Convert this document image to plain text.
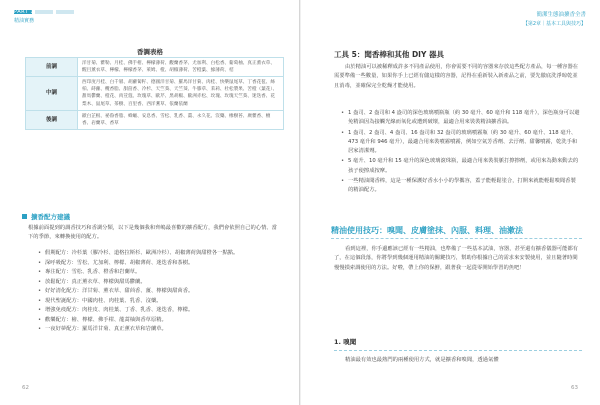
PART 1
精油實務
香調表格
前調	洋甘菊、藿勒、月桂、佛手柑、檸檬薄荷、觀蘭香茅、尤加利、白松香、葡萄柚、真正薰衣草、醒目薰衣草、檸檬、檸檬香茅、萊姆、橙、胡椒薄荷、苦橙葉、綠薄荷、桔
中調	西印度月桂、白千層、胡蘿蔔籽、德國洋甘菊、羅馬洋甘菊、肉桂、快樂鼠尾草、丁香花苞、絲柏、蒔蘿、欖香脂、甜茴香、冷杉、天竺葵、天竺葵、牛膝草、茉莉、杜松漿果、苦橙（葉花）、甜馬鬱蘭、橙花、肉荳蔻、玫瑰草、歐芹、黑胡椒、歐洲赤松、玫瑰、玫瑰天竺葵、迷迭香、花梨木、鼠尾草、茶樹、百里香、西洋蓍草、依蘭依蘭
後調	歐白芷根、祕魯香脂、蜂蠟、安息香、雪松、乳香、薑、永久花、沒藥、橡樹苔、廣藿香、檀香、岩蘭草、香草
擴香配方建議

根據前面提到的調香技巧和香調分類，以下是幾個我和齊嶋最喜歡的擴香配方，我們會依照自己的心情、當下的季節，來轉換使用的配方。

• 假期配方：冷杉葉（膠冷杉、道格拉斯杉、歐洲冷杉）、胡椒薄荷與甜橙各一點點。
• 深呼吸配方：雪松、尤加利、檸檬、胡椒薄荷、迷迭香和茶樹。
• 專注配方：雪松、乳香、橙香和岩蘭草。
• 放鬆配方：真正薰衣草、檸檬與甜馬鬱蘭。
• 好好清化配方：洋甘菊、薰衣草、甜茴香、薑、檸檬與甜茴香。
• 現代聖誕配方：中國肉桂、肉桂葉、乳香、沒藥。
• 增強免疫配方：肉桂皮、肉桂葉、丁香、乳香、迷迭香，檸檬。
• 歡樂配方：檜、檸檬、佛手柑、龍蒿柚與香草原精。
• 一夜好夢配方：羅馬洋甘菊、真正薰衣草和岩蘭草。
62
簡潔生態油擴香全書
【第2章｜基本工具與技巧】
工具 5：聞香棒和其他 DIY 器具

由於精油可以被稀釋成許多不同產品使用，你會需要不同的容器來存放這些配方產品，每一種容器在需要準備一些數量，如果你手上已經有儲這樣的容器，記得在重新裝入新產品之前，要先徹底洗淨晾乾並且消毒，並確保完全乾燥才能使用。

• 1 盎司、2 盎司和 4 盎司的深色玻璃噴瓶瓶（約 30 毫升、60 毫升和 118 毫升），深色瓶身可以避免精油因為接觸光線而氧化或遭到破壞，最適合用來裝裝精油擴香油。
• 1 盎司、2 盎司、4 盎司、16 盎司和 32 盎司的玻璃噴霧瓶（約 30 毫升、60 毫升、118 毫升、473 毫升和 946 毫升），最適合用來裝噴霧噴霧，例如空氣芳香劑、去汙劑、甜馨噴霧，乾洗手和居家清潔劑。
• 5 毫升、10 毫升和 15 毫升的深色玻璃滾珠瓶，最適合用來裝裝脈打擦擦劑，或用來為動來動去的孩子使擦成按摩。
• 一些精油聞香棒，這是一種保護好香水小小的學攜容，蓋子能輕鬆塗合，打開來就能輕鬆嗅聞香製的精油配方。
精油使用技巧：嗅聞、皮膚塗抹、內服、料理、油漱法

看到這裡，你手邊應該已經有一些精油，也準備了一些基本試油，容器，甚至還有擴香儀器可能都有了，在這個段落，你將學到幾個運用精油的關鍵技巧，幫助你根據自己的需求來安製使用，並且隨著時間慢慢摸索調使用的方法。好啦，帶上你的保鮮，跟著我一起從零開始學習的魚吧！

1. 嗅聞

精油最有效也最熱門的兩種使用方式，就是擴香和嗅聞，透過氣體

63
